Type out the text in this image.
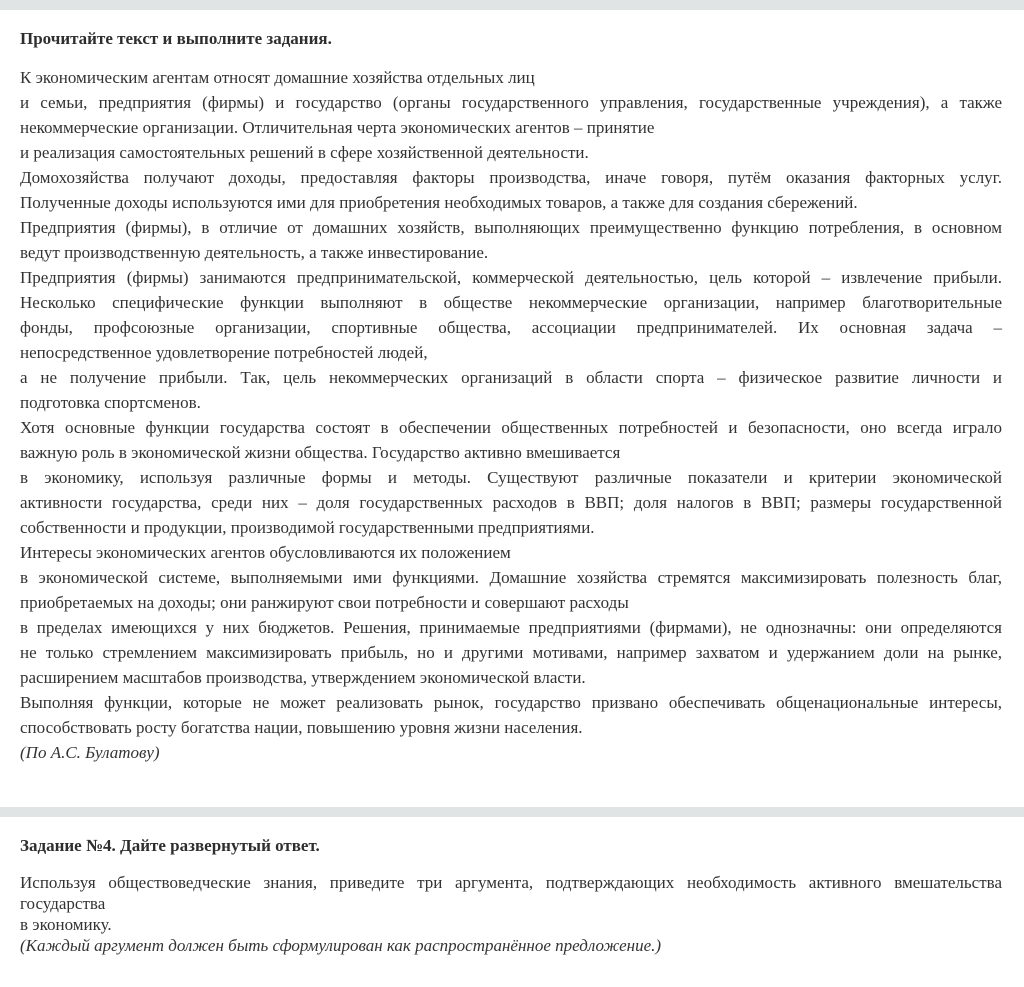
Прочитайте текст и выполните задания.
К экономическим агентам относят домашние хозяйства отдельных лиц
и семьи, предприятия (фирмы) и государство (органы государственного управления, государственные учреждения), а также
некоммерческие организации. Отличительная черта экономических агентов – принятие
и реализация самостоятельных решений в сфере хозяйственной деятельности.
Домохозяйства получают доходы, предоставляя факторы производства, иначе говоря, путём оказания факторных услуг.
Полученные доходы используются ими для приобретения необходимых товаров, а также для создания сбережений.
Предприятия (фирмы), в отличие от домашних хозяйств, выполняющих преимущественно функцию потребления, в основном
ведут производственную деятельность, а также инвестирование.
Предприятия (фирмы) занимаются предпринимательской, коммерческой деятельностью, цель которой – извлечение прибыли.
Несколько специфические функции выполняют в обществе некоммерческие организации, например благотворительные
фонды, профсоюзные организации, спортивные общества, ассоциации предпринимателей. Их основная задача –
непосредственное удовлетворение потребностей людей,
а не получение прибыли. Так, цель некоммерческих организаций в области спорта – физическое развитие личности и
подготовка спортсменов.
Хотя основные функции государства состоят в обеспечении общественных потребностей и безопасности, оно всегда играло
важную роль в экономической жизни общества. Государство активно вмешивается
в экономику, используя различные формы и методы. Существуют различные показатели и критерии экономической
активности государства, среди них – доля государственных расходов в ВВП; доля налогов в ВВП; размеры государственной
собственности и продукции, производимой государственными предприятиями.
Интересы экономических агентов обусловливаются их положением
в экономической системе, выполняемыми ими функциями. Домашние хозяйства стремятся максимизировать полезность благ,
приобретаемых на доходы; они ранжируют свои потребности и совершают расходы
в пределах имеющихся у них бюджетов. Решения, принимаемые предприятиями (фирмами), не однозначны: они определяются
не только стремлением максимизировать прибыль, но и другими мотивами, например захватом и удержанием доли на рынке,
расширением масштабов производства, утверждением экономической власти.
Выполняя функции, которые не может реализовать рынок, государство призвано обеспечивать общенациональные интересы,
способствовать росту богатства нации, повышению уровня жизни населения.
(По А.С. Булатову)
Задание №4. Дайте развернутый ответ.
Используя обществоведческие знания, приведите три аргумента, подтверждающих необходимость активного вмешательства
государства
в экономику.
(Каждый аргумент должен быть сформулирован как распространённое предложение.)
